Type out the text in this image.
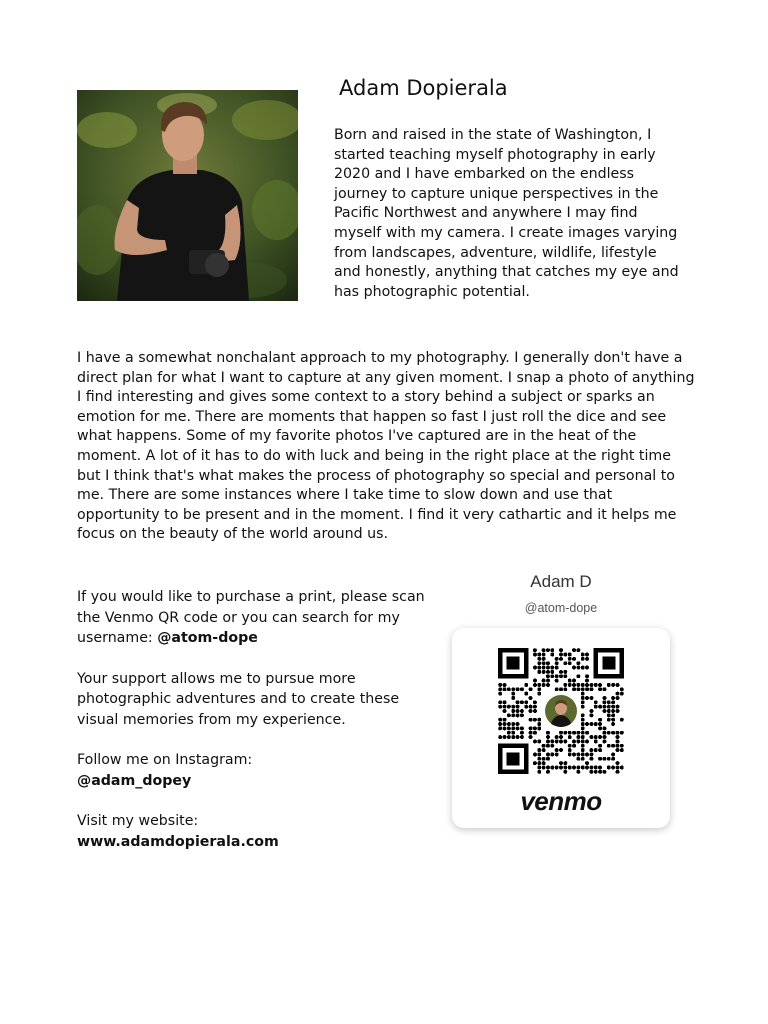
Adam Dopierala

Born and raised in the state of Washington, I started teaching myself photography in early 2020 and I have embarked on the endless journey to capture unique perspectives in the Pacific Northwest and anywhere I may find myself with my camera. I create images varying from landscapes, adventure, wildlife, lifestyle and honestly, anything that catches my eye and has photographic potential.

I have a somewhat nonchalant approach to my photography. I generally don't have a direct plan for what I want to capture at any given moment. I snap a photo of anything I find interesting and gives some context to a story behind a subject or sparks an emotion for me. There are moments that happen so fast I just roll the dice and see what happens. Some of my favorite photos I've captured are in the heat of the moment. A lot of it has to do with luck and being in the right place at the right time but I think that's what makes the process of photography so special and personal to me. There are some instances where I take time to slow down and use that opportunity to be present and in the moment. I find it very cathartic and it helps me focus on the beauty of the world around us.

If you would like to purchase a print, please scan the Venmo QR code or you can search for my username: @atom-dope

Your support allows me to pursue more photographic adventures and to create these visual memories from my experience.

Follow me on Instagram:
@adam_dopey

Visit my website:
www.adamdopierala.com

Adam D
@atom-dope
venmo
